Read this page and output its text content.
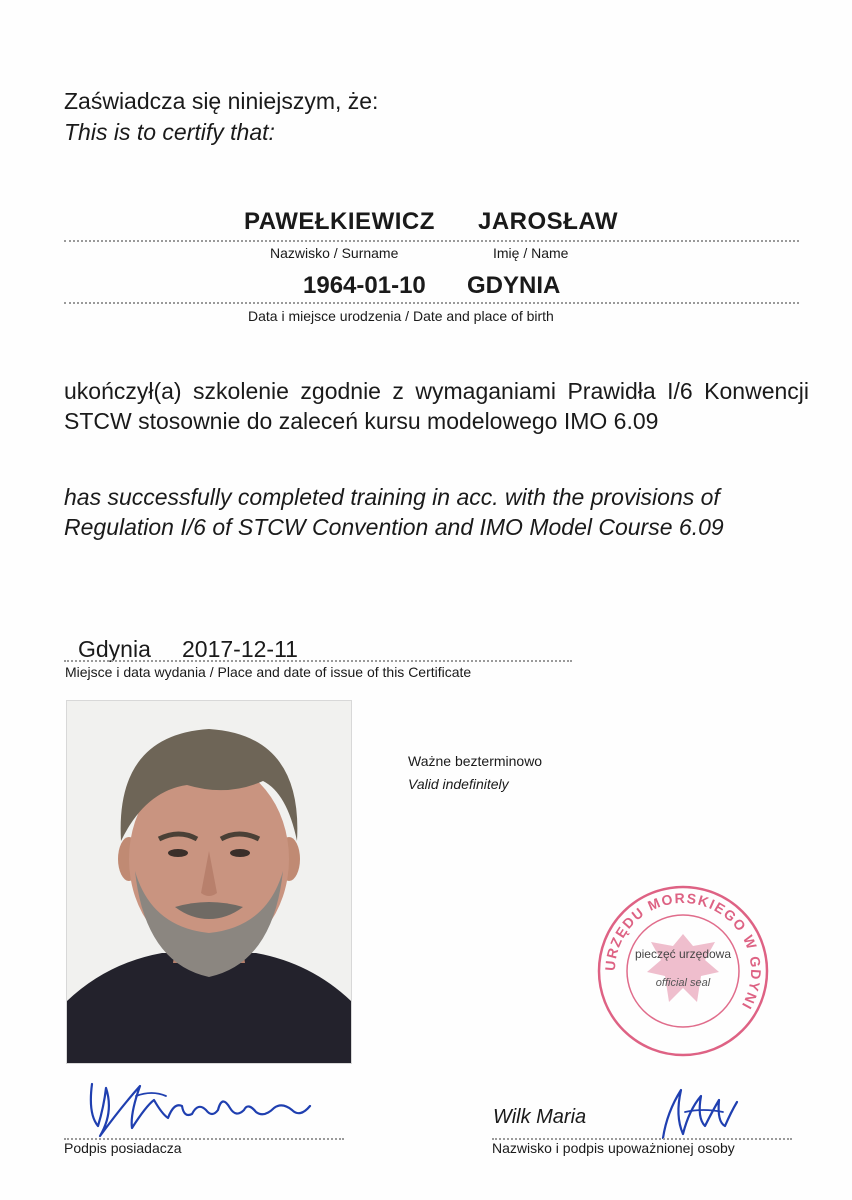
Zaświadcza się niniejszym, że:
This is to certify that:
PAWEŁKIEWICZ JAROSŁAW
Nazwisko / Surname	Imię / Name
1964-01-10 GDYNIA
Data i miejsce urodzenia / Date and place of birth
ukończył(a) szkolenie zgodnie z wymaganiami Prawidła I/6 Konwencji STCW stosownie do zaleceń kursu modelowego IMO 6.09
has successfully completed training in acc. with the provisions of Regulation I/6 of STCW Convention and IMO Model Course 6.09
Gdynia 2017-12-11
Miejsce i data wydania / Place and date of issue of this Certificate
Ważne bezterminowo
Valid indefinitely
URZĘDU MORSKIEGO W GDYNI
pieczęć urzędowa
official seal
Podpis posiadacza
Wilk Maria
Nazwisko i podpis upoważnionej osoby
